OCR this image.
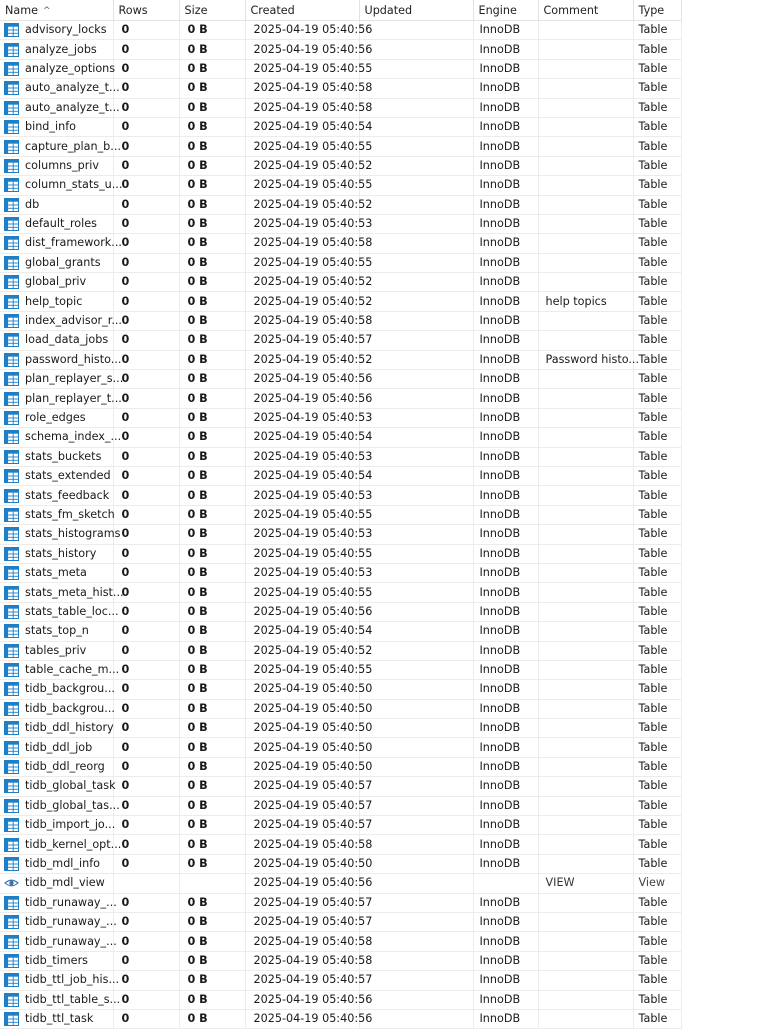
Name ^	Rows	Size	Created	Updated	Engine	Comment	Type

advisory_locks	0	0 B	2025-04-19 05:40:56		InnoDB		Table

analyze_jobs	0	0 B	2025-04-19 05:40:56		InnoDB		Table

analyze_options	0	0 B	2025-04-19 05:40:55		InnoDB		Table

auto_analyze_t...	0	0 B	2025-04-19 05:40:58		InnoDB		Table

auto_analyze_t...	0	0 B	2025-04-19 05:40:58		InnoDB		Table

bind_info	0	0 B	2025-04-19 05:40:54		InnoDB		Table

capture_plan_b...	0	0 B	2025-04-19 05:40:55		InnoDB		Table

columns_priv	0	0 B	2025-04-19 05:40:52		InnoDB		Table

column_stats_u...	0	0 B	2025-04-19 05:40:55		InnoDB		Table

db	0	0 B	2025-04-19 05:40:52		InnoDB		Table

default_roles	0	0 B	2025-04-19 05:40:53		InnoDB		Table

dist_framework...	0	0 B	2025-04-19 05:40:58		InnoDB		Table

global_grants	0	0 B	2025-04-19 05:40:55		InnoDB		Table

global_priv	0	0 B	2025-04-19 05:40:52		InnoDB		Table

help_topic	0	0 B	2025-04-19 05:40:52		InnoDB	help topics	Table

index_advisor_r...	0	0 B	2025-04-19 05:40:58		InnoDB		Table

load_data_jobs	0	0 B	2025-04-19 05:40:57		InnoDB		Table

password_histo...	0	0 B	2025-04-19 05:40:52		InnoDB	Password histo...	Table

plan_replayer_s...	0	0 B	2025-04-19 05:40:56		InnoDB		Table

plan_replayer_t...	0	0 B	2025-04-19 05:40:56		InnoDB		Table

role_edges	0	0 B	2025-04-19 05:40:53		InnoDB		Table

schema_index_...	0	0 B	2025-04-19 05:40:54		InnoDB		Table

stats_buckets	0	0 B	2025-04-19 05:40:53		InnoDB		Table

stats_extended	0	0 B	2025-04-19 05:40:54		InnoDB		Table

stats_feedback	0	0 B	2025-04-19 05:40:53		InnoDB		Table

stats_fm_sketch	0	0 B	2025-04-19 05:40:55		InnoDB		Table

stats_histograms	0	0 B	2025-04-19 05:40:53		InnoDB		Table

stats_history	0	0 B	2025-04-19 05:40:55		InnoDB		Table

stats_meta	0	0 B	2025-04-19 05:40:53		InnoDB		Table

stats_meta_hist...	0	0 B	2025-04-19 05:40:55		InnoDB		Table

stats_table_loc...	0	0 B	2025-04-19 05:40:56		InnoDB		Table

stats_top_n	0	0 B	2025-04-19 05:40:54		InnoDB		Table

tables_priv	0	0 B	2025-04-19 05:40:52		InnoDB		Table

table_cache_m...	0	0 B	2025-04-19 05:40:55		InnoDB		Table

tidb_backgrou...	0	0 B	2025-04-19 05:40:50		InnoDB		Table

tidb_backgrou...	0	0 B	2025-04-19 05:40:50		InnoDB		Table

tidb_ddl_history	0	0 B	2025-04-19 05:40:50		InnoDB		Table

tidb_ddl_job	0	0 B	2025-04-19 05:40:50		InnoDB		Table

tidb_ddl_reorg	0	0 B	2025-04-19 05:40:50		InnoDB		Table

tidb_global_task	0	0 B	2025-04-19 05:40:57		InnoDB		Table

tidb_global_tas...	0	0 B	2025-04-19 05:40:57		InnoDB		Table

tidb_import_jo...	0	0 B	2025-04-19 05:40:57		InnoDB		Table

tidb_kernel_opt...	0	0 B	2025-04-19 05:40:58		InnoDB		Table

tidb_mdl_info	0	0 B	2025-04-19 05:40:50		InnoDB		Table

tidb_mdl_view			2025-04-19 05:40:56			VIEW	View

tidb_runaway_...	0	0 B	2025-04-19 05:40:57		InnoDB		Table

tidb_runaway_...	0	0 B	2025-04-19 05:40:57		InnoDB		Table

tidb_runaway_...	0	0 B	2025-04-19 05:40:58		InnoDB		Table

tidb_timers	0	0 B	2025-04-19 05:40:58		InnoDB		Table

tidb_ttl_job_his...	0	0 B	2025-04-19 05:40:57		InnoDB		Table

tidb_ttl_table_s...	0	0 B	2025-04-19 05:40:56		InnoDB		Table

tidb_ttl_task	0	0 B	2025-04-19 05:40:56		InnoDB		Table
